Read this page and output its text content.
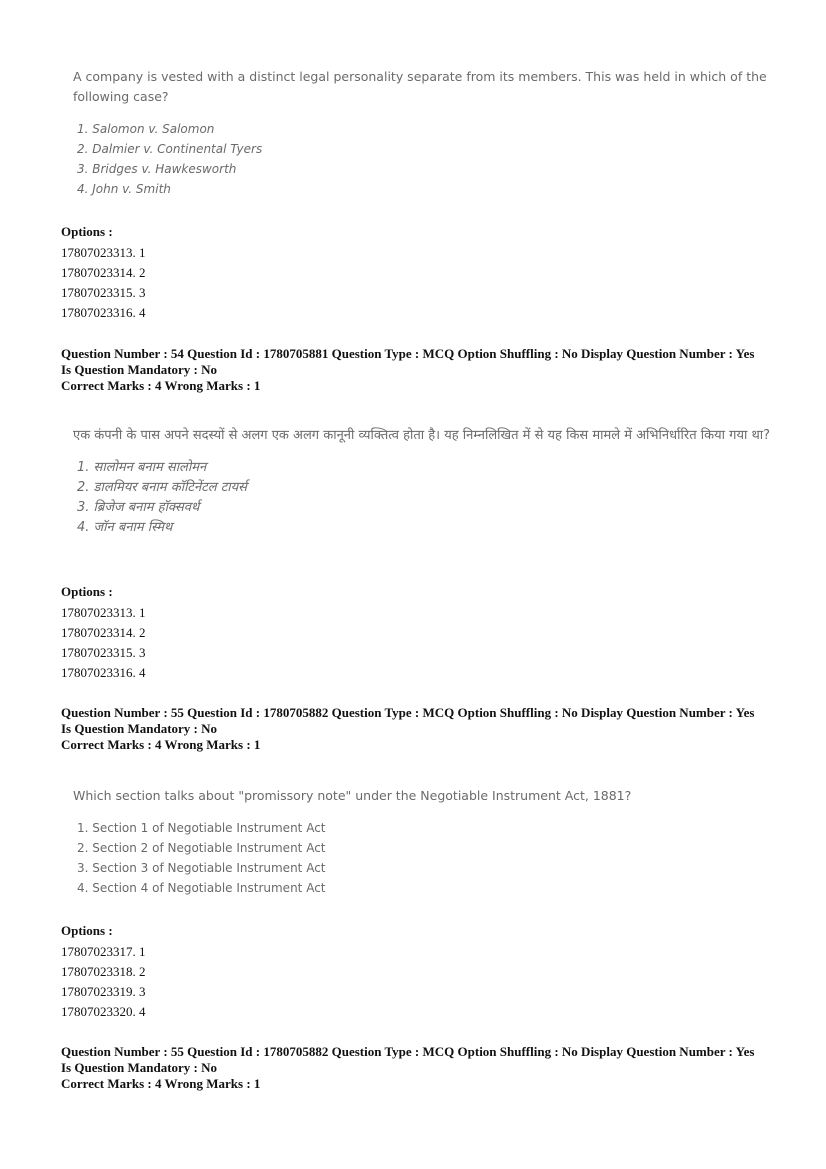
A company is vested with a distinct legal personality separate from its members. This was held in which of the following case?

1. Salomon v. Salomon
2. Dalmier v. Continental Tyers
3. Bridges v. Hawkesworth
4. John v. Smith
Options :
17807023313. 1
17807023314. 2
17807023315. 3
17807023316. 4
Question Number : 54 Question Id : 1780705881 Question Type : MCQ Option Shuffling : No Display Question Number : Yes
Is Question Mandatory : No
Correct Marks : 4 Wrong Marks : 1

एक कंपनी के पास अपने सदस्यों से अलग एक अलग कानूनी व्यक्तित्व होता है। यह निम्नलिखित में से यह किस मामले में अभिनिर्धारित किया गया था?

1. सालोमन बनाम सालोमन
2. डालमियर बनाम कॉटिनेंटल टायर्स
3. ब्रिजेज बनाम हॉक्सवर्थ
4. जॉन बनाम स्मिथ
Options :
17807023313. 1
17807023314. 2
17807023315. 3
17807023316. 4
Question Number : 55 Question Id : 1780705882 Question Type : MCQ Option Shuffling : No Display Question Number : Yes
Is Question Mandatory : No
Correct Marks : 4 Wrong Marks : 1

Which section talks about "promissory note" under the Negotiable Instrument Act, 1881?

1. Section 1 of Negotiable Instrument Act
2. Section 2 of Negotiable Instrument Act
3. Section 3 of Negotiable Instrument Act
4. Section 4 of Negotiable Instrument Act
Options :
17807023317. 1
17807023318. 2
17807023319. 3
17807023320. 4
Question Number : 55 Question Id : 1780705882 Question Type : MCQ Option Shuffling : No Display Question Number : Yes
Is Question Mandatory : No
Correct Marks : 4 Wrong Marks : 1
